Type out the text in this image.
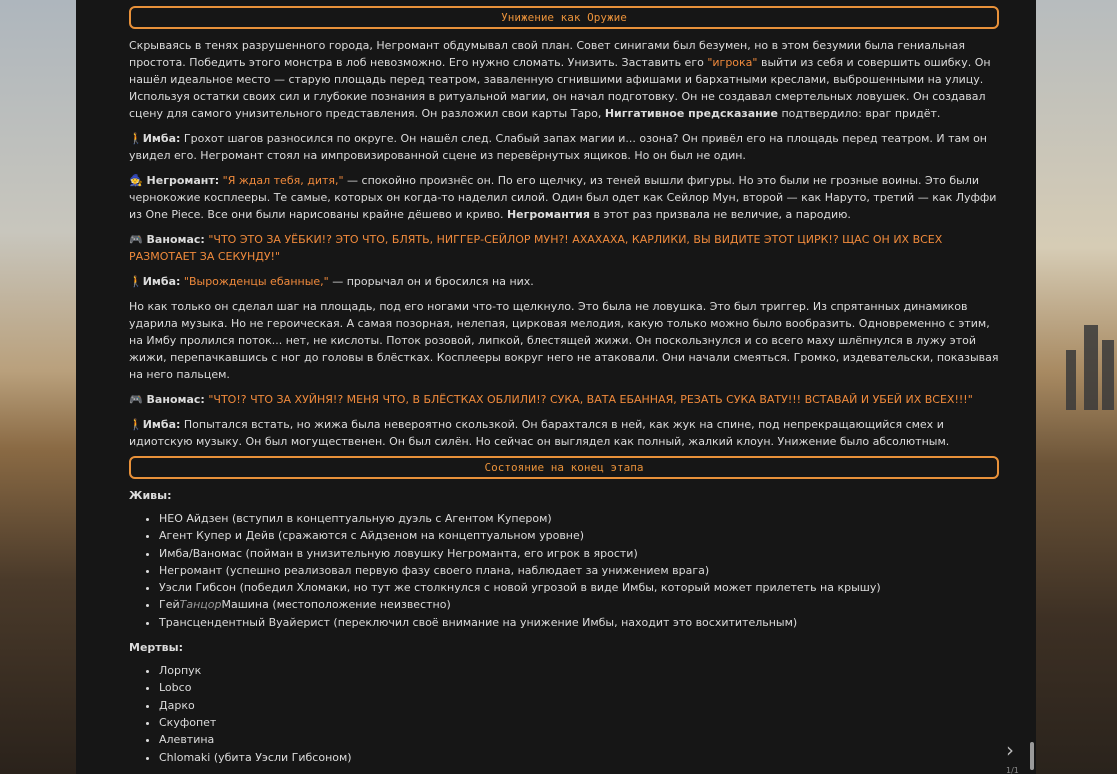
Унижение как Оружие

Скрываясь в тенях разрушенного города, Негромант обдумывал свой план. Совет синигами был безумен, но в этом безумии была гениальная простота. Победить этого монстра в лоб невозможно. Его нужно сломать. Унизить. Заставить его "игрока" выйти из себя и совершить ошибку. Он нашёл идеальное место — старую площадь перед театром, заваленную сгнившими афишами и бархатными креслами, выброшенными на улицу. Используя остатки своих сил и глубокие познания в ритуальной магии, он начал подготовку. Он не создавал смертельных ловушек. Он создавал сцену для самого унизительного представления. Он разложил свои карты Таро, Ниггативное предсказание подтвердило: враг придёт.

🚶Имба: Грохот шагов разносился по округе. Он нашёл след. Слабый запах магии и... озона? Он привёл его на площадь перед театром. И там он увидел его. Негромант стоял на импровизированной сцене из перевёрнутых ящиков. Но он был не один.

🧙 Негромант: "Я ждал тебя, дитя," — спокойно произнёс он. По его щелчку, из теней вышли фигуры. Но это были не грозные воины. Это были чернокожие косплееры. Те самые, которых он когда-то наделил силой. Один был одет как Сейлор Мун, второй — как Наруто, третий — как Луффи из One Piece. Все они были нарисованы крайне дёшево и криво. Негромантия в этот раз призвала не величие, а пародию.

🎮 Ваномас: "ЧТО ЭТО ЗА УЁБКИ!? ЭТО ЧТО, БЛЯТЬ, НИГГЕР-СЕЙЛОР МУН?! АХАХАХА, КАРЛИКИ, ВЫ ВИДИТЕ ЭТОТ ЦИРК!? ЩАС ОН ИХ ВСЕХ РАЗМОТАЕТ ЗА СЕКУНДУ!"

🚶Имба: "Вырожденцы ебанные," — прорычал он и бросился на них.

Но как только он сделал шаг на площадь, под его ногами что-то щелкнуло. Это была не ловушка. Это был триггер. Из спрятанных динамиков ударила музыка. Но не героическая. А самая позорная, нелепая, цирковая мелодия, какую только можно было вообразить. Одновременно с этим, на Имбу пролился поток... нет, не кислоты. Поток розовой, липкой, блестящей жижи. Он поскользнулся и со всего маху шлёпнулся в лужу этой жижи, перепачкавшись с ног до головы в блёстках. Косплееры вокруг него не атаковали. Они начали смеяться. Громко, издевательски, показывая на него пальцем.

🎮 Ваномас: "ЧТО!? ЧТО ЗА ХУЙНЯ!? МЕНЯ ЧТО, В БЛЁСТКАХ ОБЛИЛИ!? СУКА, ВАТА ЕБАННАЯ, РЕЗАТЬ СУКА ВАТУ!!! ВСТАВАЙ И УБЕЙ ИХ ВСЕХ!!!"

🚶Имба: Попытался встать, но жижа была невероятно скользкой. Он барахтался в ней, как жук на спине, под непрекращающийся смех и идиотскую музыку. Он был могущественен. Он был силён. Но сейчас он выглядел как полный, жалкий клоун. Унижение было абсолютным.

Состояние на конец этапа
Живы:
• НЕО Айдзен (вступил в концептуальную дуэль с Агентом Купером)
• Агент Купер и Дейв (сражаются с Айдзеном на концептуальном уровне)
• Имба/Ваномас (пойман в унизительную ловушку Негроманта, его игрок в ярости)
• Негромант (успешно реализовал первую фазу своего плана, наблюдает за унижением врага)
• Уэсли Гибсон (победил Хломаки, но тут же столкнулся с новой угрозой в виде Имбы, который может прилететь на крышу)
• ГейТанцорМашина (местоположение неизвестно)
• Трансцендентный Вуайерист (переключил своё внимание на унижение Имбы, находит это восхитительным)
Мертвы:
• Лорпук
• Lobco
• Дарко
• Скуфопет
• Алевтина
• Chlomaki (убита Уэсли Гибсоном)	›
1/1
